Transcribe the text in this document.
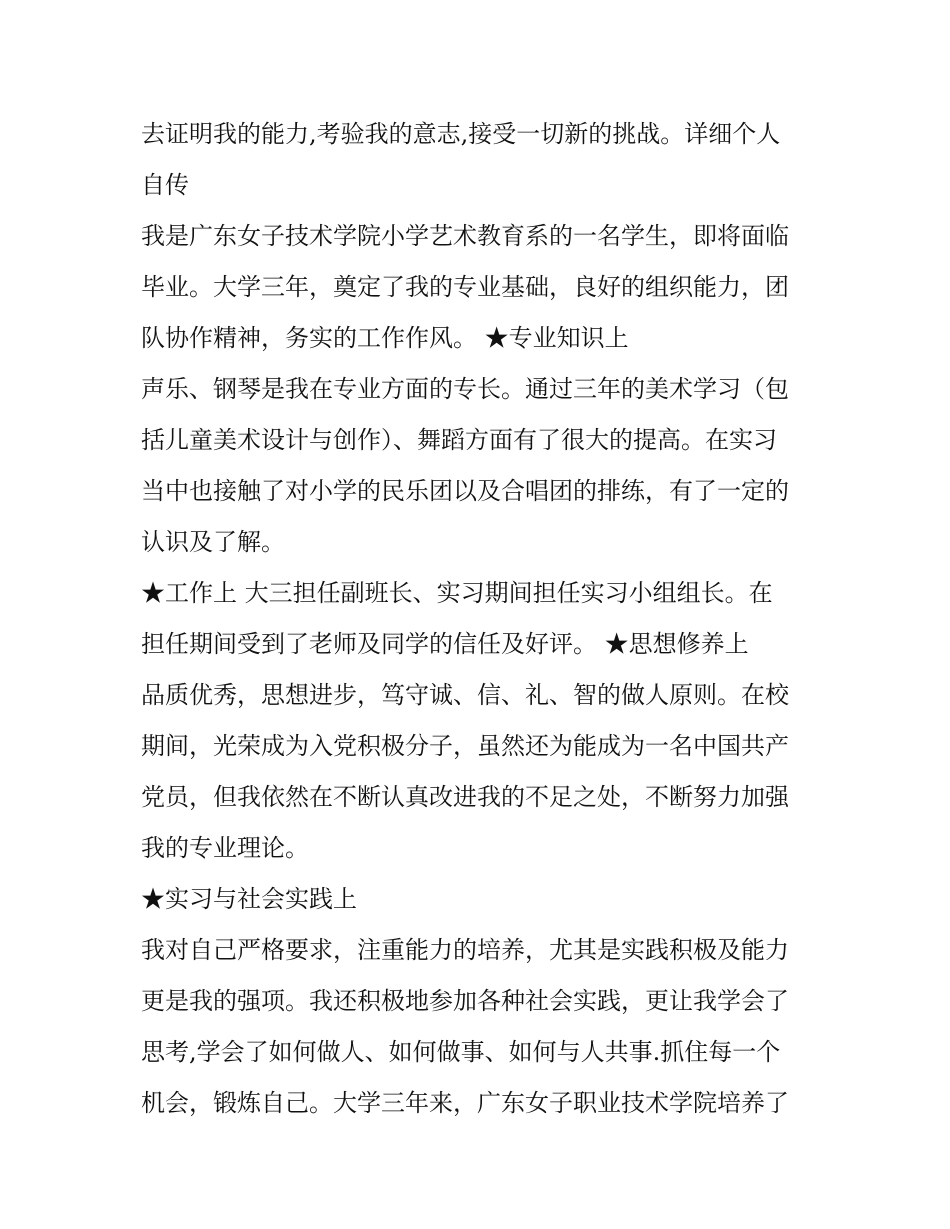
去证明我的能力,考验我的意志,接受一切新的挑战。详细个人
自传
我是广东女子技术学院小学艺术教育系的一名学生，即将面临
毕业。大学三年，奠定了我的专业基础，良好的组织能力，团
队协作精神，务实的工作作风。 ★专业知识上
声乐、钢琴是我在专业方面的专长。通过三年的美术学习（包
括儿童美术设计与创作）、舞蹈方面有了很大的提高。在实习
当中也接触了对小学的民乐团以及合唱团的排练，有了一定的
认识及了解。
★工作上 大三担任副班长、实习期间担任实习小组组长。在
担任期间受到了老师及同学的信任及好评。 ★思想修养上
品质优秀，思想进步，笃守诚、信、礼、智的做人原则。在校
期间，光荣成为入党积极分子，虽然还为能成为一名中国共产
党员，但我依然在不断认真改进我的不足之处，不断努力加强
我的专业理论。
★实习与社会实践上
我对自己严格要求，注重能力的培养，尤其是实践积极及能力
更是我的强项。我还积极地参加各种社会实践，更让我学会了
思考,学会了如何做人、如何做事、如何与人共事.抓住每一个
机会，锻炼自己。大学三年来，广东女子职业技术学院培养了
